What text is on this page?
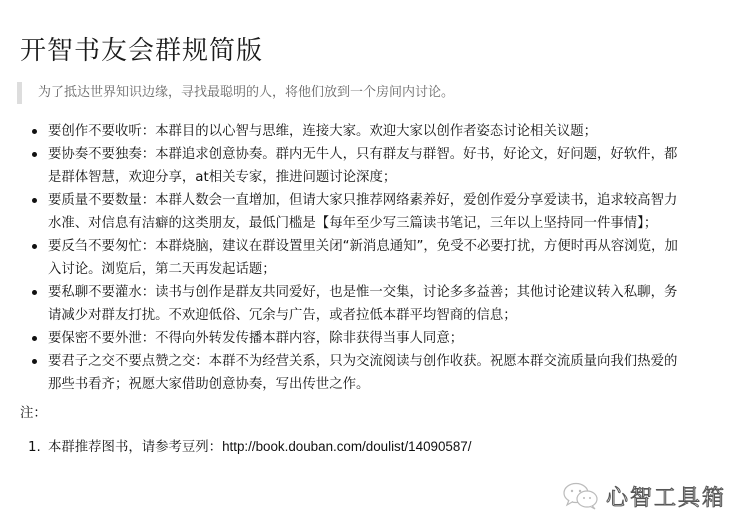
开智书友会群规简版
为了抵达世界知识边缘，寻找最聪明的人，将他们放到一个房间内讨论。
要创作不要收听：本群目的以心智与思维，连接大家。欢迎大家以创作者姿态讨论相关议题；
要协奏不要独奏：本群追求创意协奏。群内无牛人，只有群友与群智。好书，好论文，好问题，好软件，都
是群体智慧，欢迎分享，at相关专家，推进问题讨论深度；
要质量不要数量：本群人数会一直增加，但请大家只推荐网络素养好，爱创作爱分享爱读书，追求较高智力
水准、对信息有洁癖的这类朋友，最低门槛是【每年至少写三篇读书笔记，三年以上坚持同一件事情】；
要反刍不要匆忙：本群烧脑，建议在群设置里关闭“新消息通知”，免受不必要打扰，方便时再从容浏览，加
入讨论。浏览后，第二天再发起话题；
要私聊不要灌水：读书与创作是群友共同爱好，也是惟一交集，讨论多多益善；其他讨论建议转入私聊，务
请减少对群友打扰。不欢迎低俗、冗余与广告，或者拉低本群平均智商的信息；
要保密不要外泄：不得向外转发传播本群内容，除非获得当事人同意；
要君子之交不要点赞之交：本群不为经营关系，只为交流阅读与创作收获。祝愿本群交流质量向我们热爱的
那些书看齐；祝愿大家借助创意协奏，写出传世之作。
注：
1. 本群推荐图书，请参考豆列：http://book.douban.com/doulist/14090587/
心智工具箱
